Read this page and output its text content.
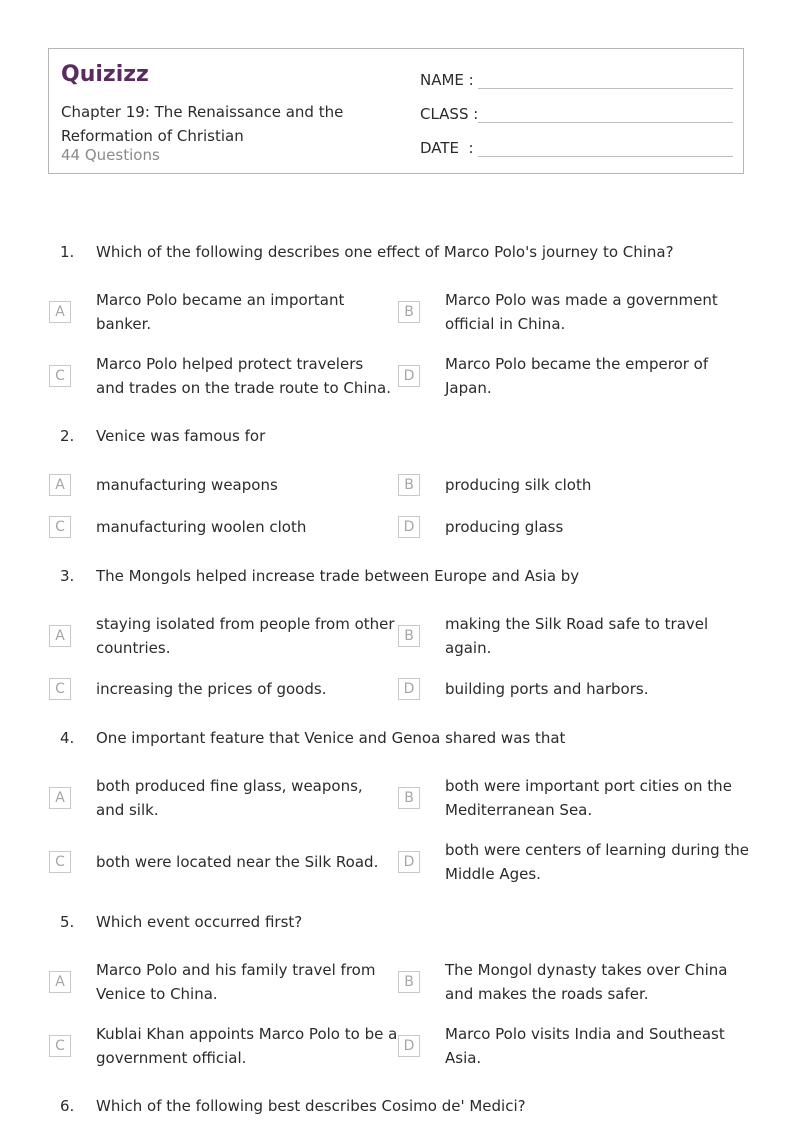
Quizizz
Chapter 19: The Renaissance and the Reformation of Christian
44 Questions
NAME :
CLASS :
DATE  :
1.	Which of the following describes one effect of Marco Polo's journey to China?
A
Marco Polo became an important banker.
B
Marco Polo was made a government official in China.
C
Marco Polo helped protect travelers and trades on the trade route to China.
D
Marco Polo became the emperor of Japan.
2.	Venice was famous for
A	manufacturing weapons	B	producing silk cloth
C	manufacturing woolen cloth	D	producing glass
3.	The Mongols helped increase trade between Europe and Asia by
A
staying isolated from people from other countries.
B
making the Silk Road safe to travel again.
C	increasing the prices of goods.	D	building ports and harbors.
4.	One important feature that Venice and Genoa shared was that
A
both produced fine glass, weapons, and silk.
B
both were important port cities on the Mediterranean Sea.
C	both were located near the Silk Road.	D
both were centers of learning during the Middle Ages.
5.	Which event occurred first?
A
Marco Polo and his family travel from Venice to China.
B
The Mongol dynasty takes over China and makes the roads safer.
C
Kublai Khan appoints Marco Polo to be a government official.
D
Marco Polo visits India and Southeast Asia.
6.	Which of the following best describes Cosimo de' Medici?
